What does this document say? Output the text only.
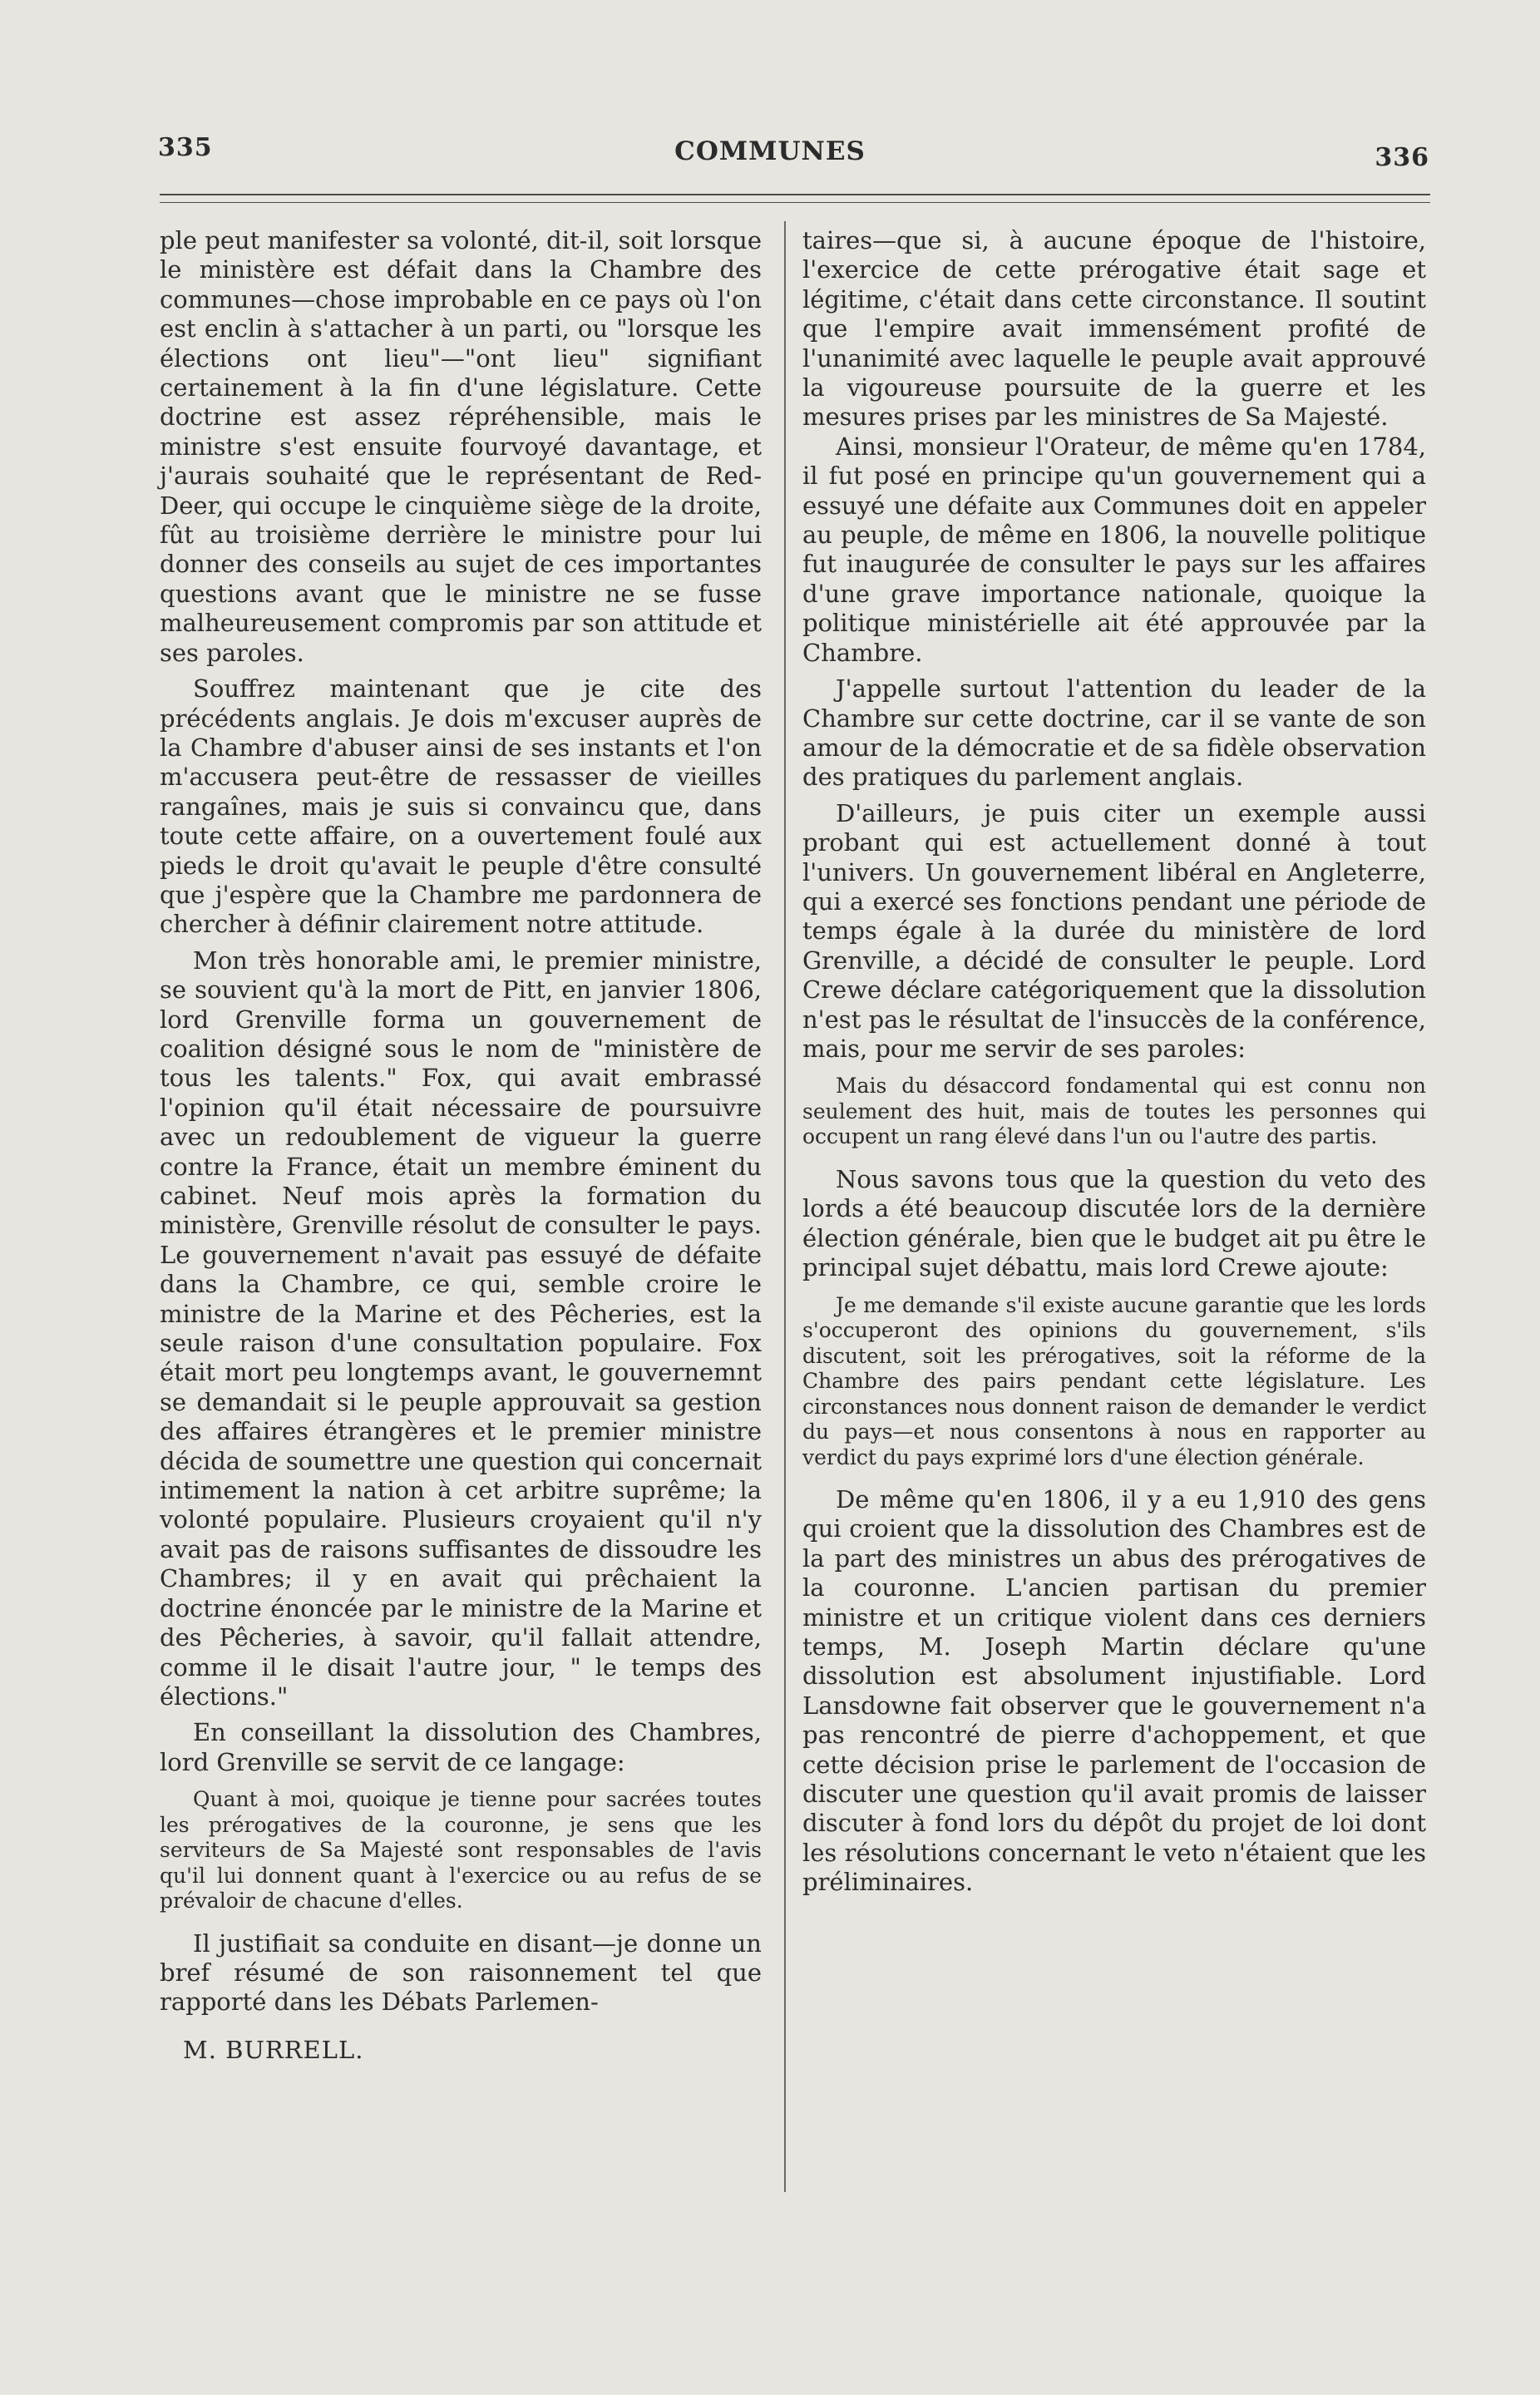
335	COMMUNES	336

ple peut manifester sa volonté, dit-il, soit lorsque le ministère est défait dans la Chambre des communes—chose improbable en ce pays où l'on est enclin à s'attacher à un parti, ou "lorsque les élections ont lieu"—"ont lieu" signifiant certainement à la fin d'une législature. Cette doctrine est assez répréhensible, mais le ministre s'est ensuite fourvoyé davantage, et j'aurais souhaité que le représentant de Red-Deer, qui occupe le cinquième siège de la droite, fût au troisième derrière le ministre pour lui donner des conseils au sujet de ces importantes questions avant que le ministre ne se fusse malheureusement compromis par son attitude et ses paroles.

Souffrez maintenant que je cite des précédents anglais. Je dois m'excuser auprès de la Chambre d'abuser ainsi de ses instants et l'on m'accusera peut-être de ressasser de vieilles rangaînes, mais je suis si convaincu que, dans toute cette affaire, on a ouvertement foulé aux pieds le droit qu'avait le peuple d'être consulté que j'espère que la Chambre me pardonnera de chercher à définir clairement notre attitude.

Mon très honorable ami, le premier ministre, se souvient qu'à la mort de Pitt, en janvier 1806, lord Grenville forma un gouvernement de coalition désigné sous le nom de "ministère de tous les talents." Fox, qui avait embrassé l'opinion qu'il était nécessaire de poursuivre avec un redoublement de vigueur la guerre contre la France, était un membre éminent du cabinet. Neuf mois après la formation du ministère, Grenville résolut de consulter le pays. Le gouvernement n'avait pas essuyé de défaite dans la Chambre, ce qui, semble croire le ministre de la Marine et des Pêcheries, est la seule raison d'une consultation populaire. Fox était mort peu longtemps avant, le gouvernemnt se demandait si le peuple approuvait sa gestion des affaires étrangères et le premier ministre décida de soumettre une question qui concernait intimement la nation à cet arbitre suprême; la volonté populaire. Plusieurs croyaient qu'il n'y avait pas de raisons suffisantes de dissoudre les Chambres; il y en avait qui prêchaient la doctrine énoncée par le ministre de la Marine et des Pêcheries, à savoir, qu'il fallait attendre, comme il le disait l'autre jour, " le temps des élections."

En conseillant la dissolution des Chambres, lord Grenville se servit de ce langage:

Quant à moi, quoique je tienne pour sacrées toutes les prérogatives de la couronne, je sens que les serviteurs de Sa Majesté sont responsables de l'avis qu'il lui donnent quant à l'exercice ou au refus de se prévaloir de chacune d'elles.

Il justifiait sa conduite en disant—je donne un bref résumé de son raisonnement tel que rapporté dans les Débats Parlemen-

M. BURRELL.

taires—que si, à aucune époque de l'histoire, l'exercice de cette prérogative était sage et légitime, c'était dans cette circonstance. Il soutint que l'empire avait immensément profité de l'unanimité avec laquelle le peuple avait approuvé la vigoureuse poursuite de la guerre et les mesures prises par les ministres de Sa Majesté.

Ainsi, monsieur l'Orateur, de même qu'en 1784, il fut posé en principe qu'un gouvernement qui a essuyé une défaite aux Communes doit en appeler au peuple, de même en 1806, la nouvelle politique fut inaugurée de consulter le pays sur les affaires d'une grave importance nationale, quoique la politique ministérielle ait été approuvée par la Chambre.

J'appelle surtout l'attention du leader de la Chambre sur cette doctrine, car il se vante de son amour de la démocratie et de sa fidèle observation des pratiques du parlement anglais.

D'ailleurs, je puis citer un exemple aussi probant qui est actuellement donné à tout l'univers. Un gouvernement libéral en Angleterre, qui a exercé ses fonctions pendant une période de temps égale à la durée du ministère de lord Grenville, a décidé de consulter le peuple. Lord Crewe déclare catégoriquement que la dissolution n'est pas le résultat de l'insuccès de la conférence, mais, pour me servir de ses paroles:

Mais du désaccord fondamental qui est connu non seulement des huit, mais de toutes les personnes qui occupent un rang élevé dans l'un ou l'autre des partis.

Nous savons tous que la question du veto des lords a été beaucoup discutée lors de la dernière élection générale, bien que le budget ait pu être le principal sujet débattu, mais lord Crewe ajoute:

Je me demande s'il existe aucune garantie que les lords s'occuperont des opinions du gouvernement, s'ils discutent, soit les prérogatives, soit la réforme de la Chambre des pairs pendant cette législature. Les circonstances nous donnent raison de demander le verdict du pays—et nous consentons à nous en rapporter au verdict du pays exprimé lors d'une élection générale.

De même qu'en 1806, il y a eu 1,910 des gens qui croient que la dissolution des Chambres est de la part des ministres un abus des prérogatives de la couronne. L'ancien partisan du premier ministre et un critique violent dans ces derniers temps, M. Joseph Martin déclare qu'une dissolution est absolument injustifiable. Lord Lansdowne fait observer que le gouvernement n'a pas rencontré de pierre d'achoppement, et que cette décision prise le parlement de l'occasion de discuter une question qu'il avait promis de laisser discuter à fond lors du dépôt du projet de loi dont les résolutions concernant le veto n'étaient que les préliminaires.
